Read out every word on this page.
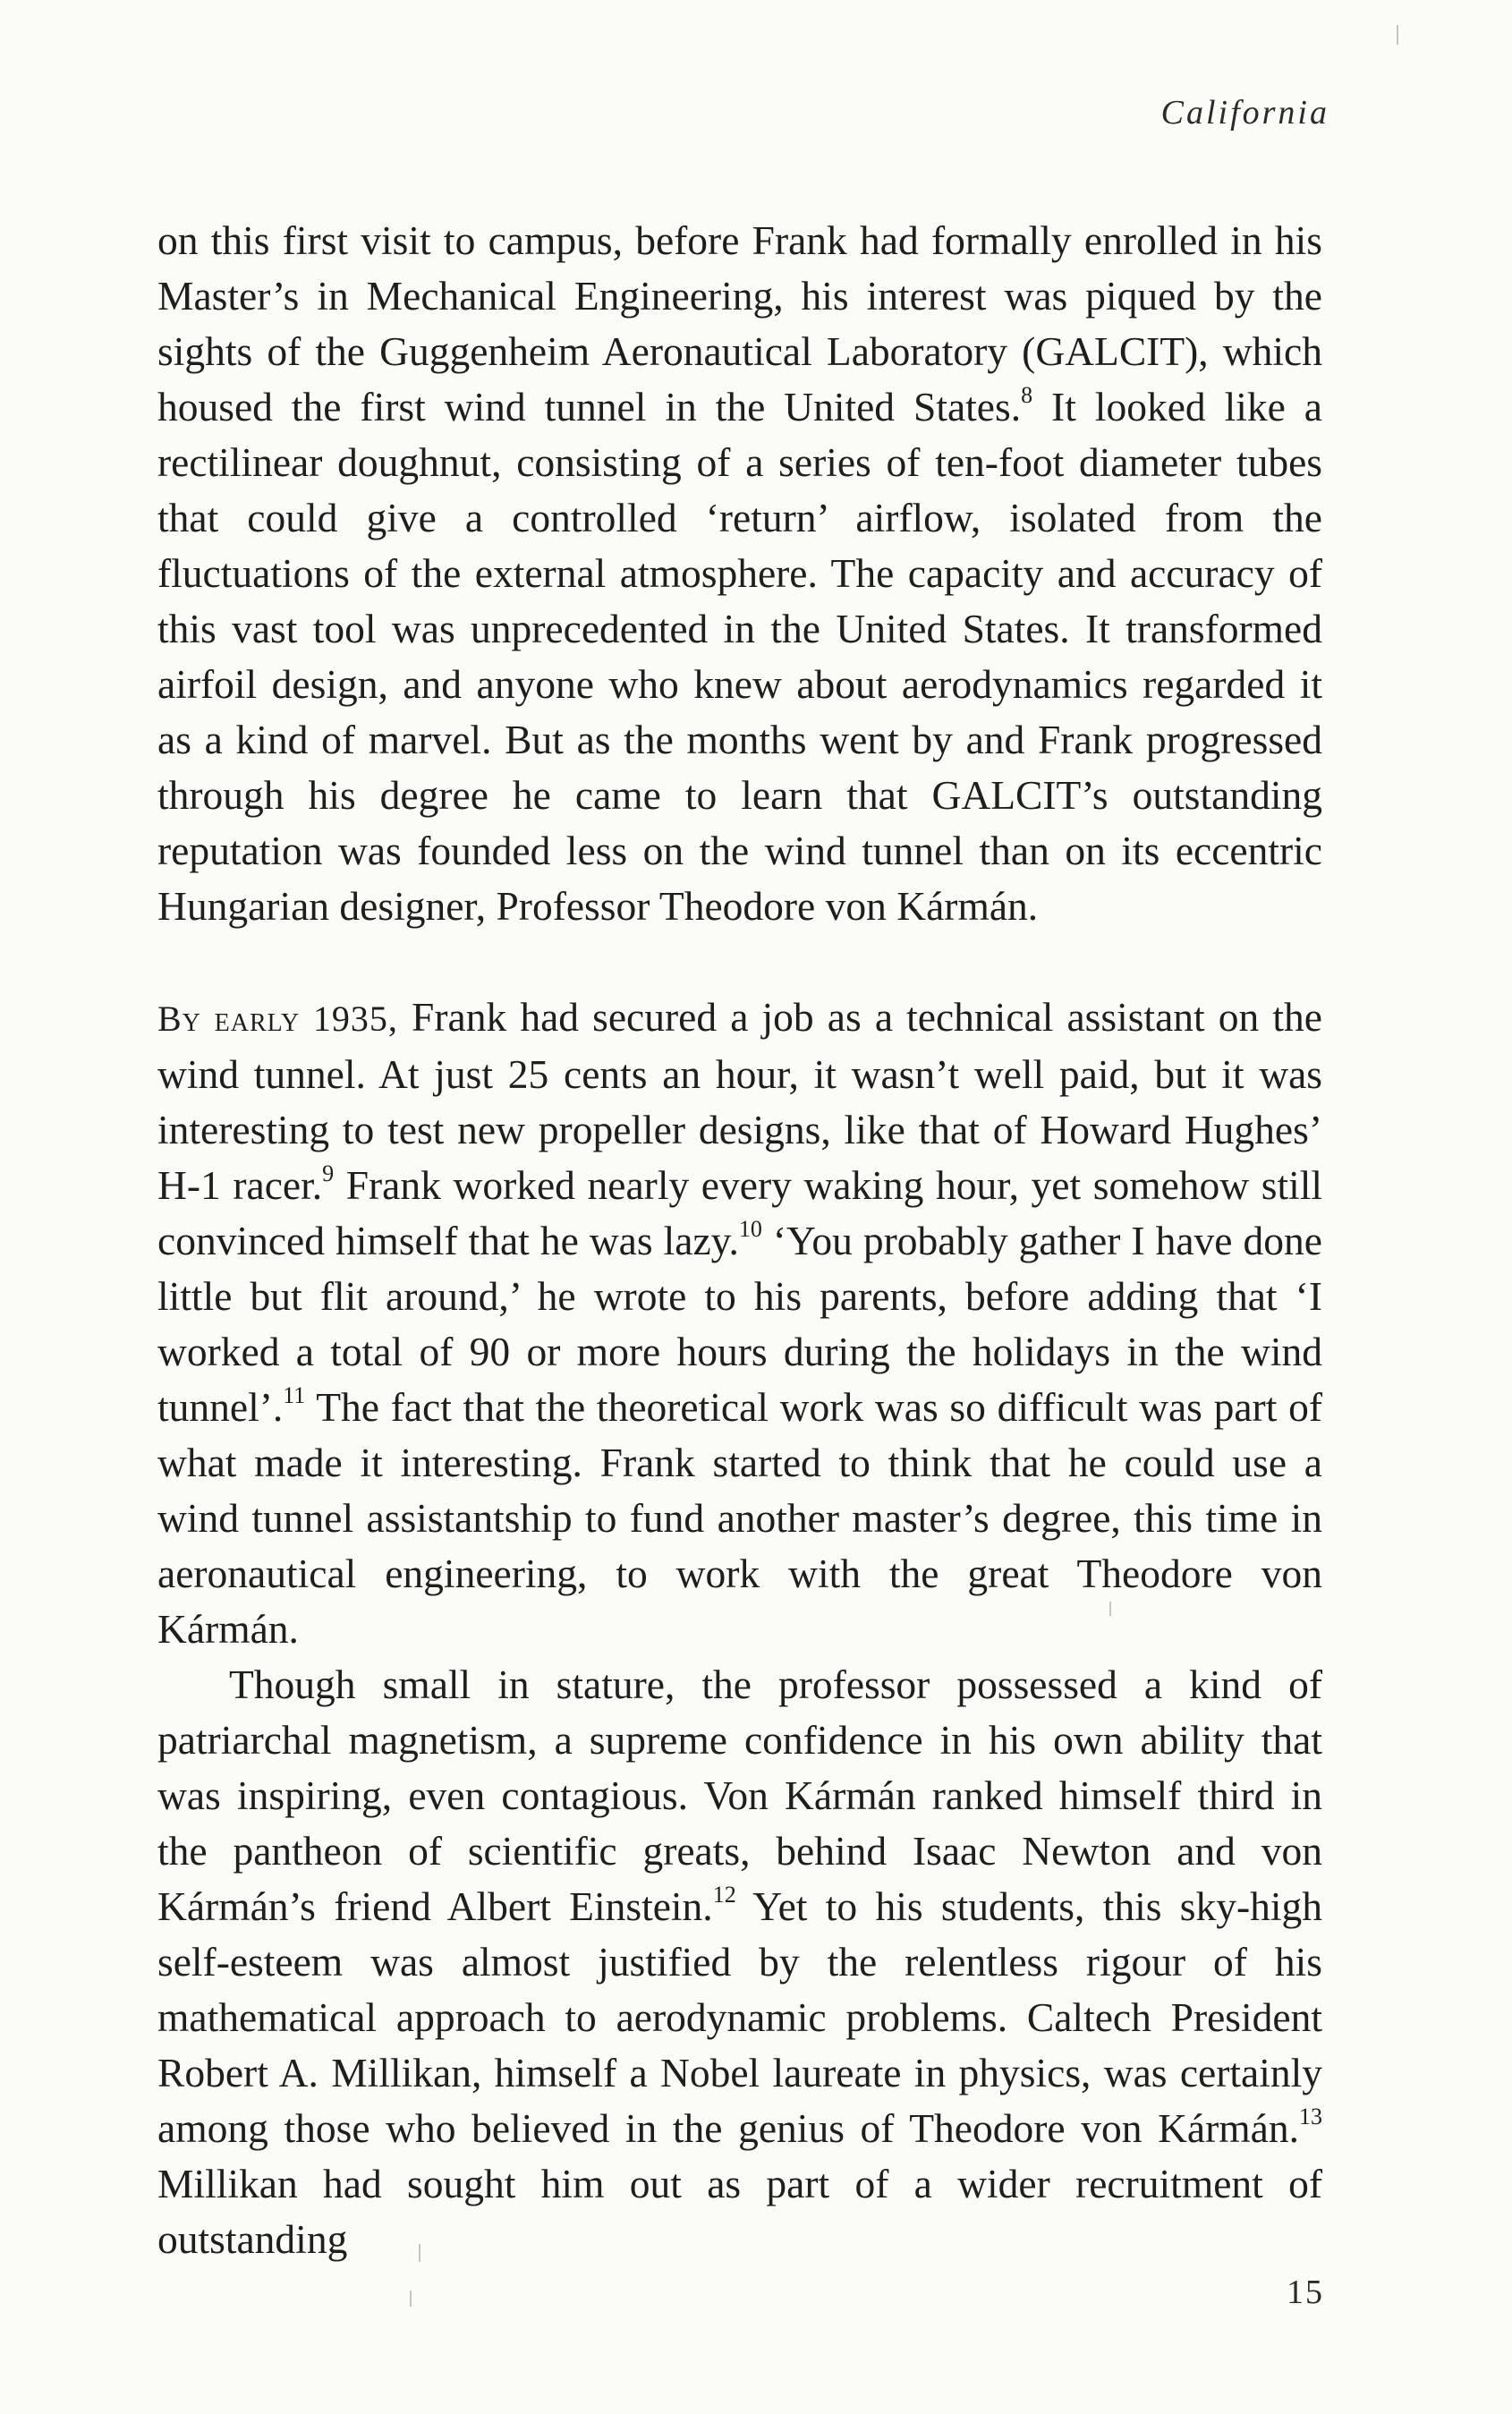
California

on this first visit to campus, before Frank had formally enrolled in his Master’s in Mechanical Engineering, his interest was piqued by the sights of the Guggenheim Aeronautical Laboratory (GALCIT), which housed the first wind tunnel in the United States.$^8$ It looked like a rectilinear doughnut, consisting of a series of ten-foot diameter tubes that could give a controlled ‘return’ airflow, isolated from the fluctuations of the external atmosphere. The capacity and accuracy of this vast tool was unprecedented in the United States. It transformed airfoil design, and anyone who knew about aerodynamics regarded it as a kind of marvel. But as the months went by and Frank progressed through his degree he came to learn that GALCIT’s outstanding reputation was founded less on the wind tunnel than on its eccentric Hungarian designer, Professor Theodore von Kármán.

By early 1935, Frank had secured a job as a technical assistant on the wind tunnel. At just 25 cents an hour, it wasn’t well paid, but it was interesting to test new propeller designs, like that of Howard Hughes’ H-1 racer.$^9$ Frank worked nearly every waking hour, yet somehow still convinced himself that he was lazy.$^{10}$ ‘You probably gather I have done little but flit around,’ he wrote to his parents, before adding that ‘I worked a total of 90 or more hours during the holidays in the wind tunnel’.$^{11}$ The fact that the theoretical work was so difficult was part of what made it interesting. Frank started to think that he could use a wind tunnel assistantship to fund another master’s degree, this time in aeronautical engineering, to work with the great Theodore von Kármán.

Though small in stature, the professor possessed a kind of patriarchal magnetism, a supreme confidence in his own ability that was inspiring, even contagious. Von Kármán ranked himself third in the pantheon of scientific greats, behind Isaac Newton and von Kármán’s friend Albert Einstein.$^{12}$ Yet to his students, this sky-high self-esteem was almost justified by the relentless rigour of his mathematical approach to aerodynamic problems. Caltech President Robert A. Millikan, himself a Nobel laureate in physics, was certainly among those who believed in the genius of Theodore von Kármán.$^{13}$ Millikan had sought him out as part of a wider recruitment of outstanding

15
